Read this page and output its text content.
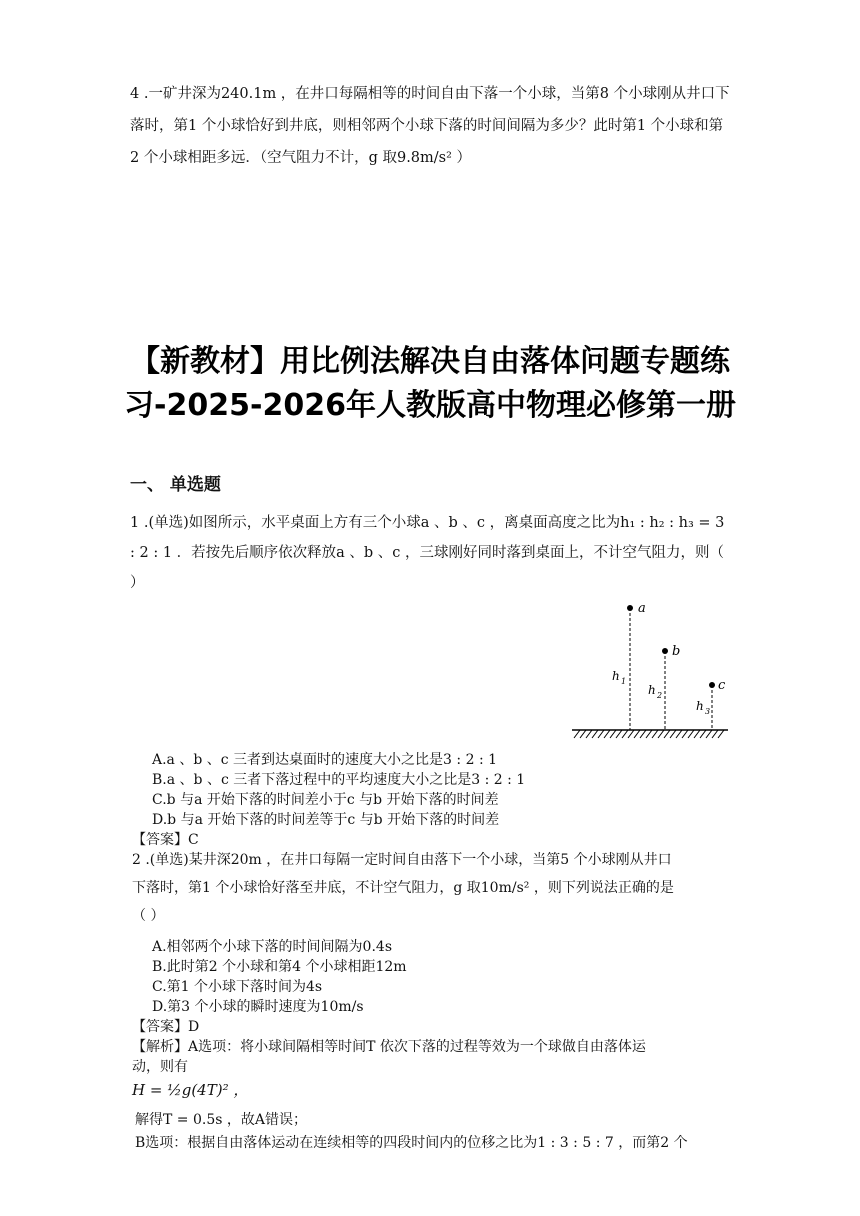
4 .一矿井深为240.1m ，在井口每隔相等的时间自由下落一个小球，当第8 个小球刚从井口下落时，第1 个小球恰好到井底，则相邻两个小球下落的时间间隔为多少？此时第1 个小球和第2 个小球相距多远．（空气阻力不计，g 取9.8m/s² ）
【新教材】用比例法解决自由落体问题专题练习-2025-2026年人教版高中物理必修第一册
一、 单选题
1 .(单选)如图所示，水平桌面上方有三个小球a 、b 、c ，离桌面高度之比为h₁ : h₂ : h₃ = 3 : 2 : 1 ．若按先后顺序依次释放a 、b 、c ，三球刚好同时落到桌面上，不计空气阻力，则（ ）
a
h 1
b
h 2
c
h 3
A.a 、b 、c 三者到达桌面时的速度大小之比是3 : 2 : 1
B.a 、b 、c 三者下落过程中的平均速度大小之比是3 : 2 : 1
C.b 与a 开始下落的时间差小于c 与b 开始下落的时间差
D.b 与a 开始下落的时间差等于c 与b 开始下落的时间差
【答案】C
2 .(单选)某井深20m ，在井口每隔一定时间自由落下一个小球，当第5 个小球刚从井口
下落时，第1 个小球恰好落至井底，不计空气阻力，g 取10m/s² ，则下列说法正确的是
（ ）
A.相邻两个小球下落的时间间隔为0.4s
B.此时第2 个小球和第4 个小球相距12m
C.第1 个小球下落时间为4s
D.第3 个小球的瞬时速度为10m/s
【答案】D
【解析】A选项：将小球间隔相等时间T 依次下落的过程等效为一个球做自由落体运
动，则有
H = ½g(4T)² ，
解得T = 0.5s ，故A错误；
B选项：根据自由落体运动在连续相等的四段时间内的位移之比为1 : 3 : 5 : 7 ，而第2 个
